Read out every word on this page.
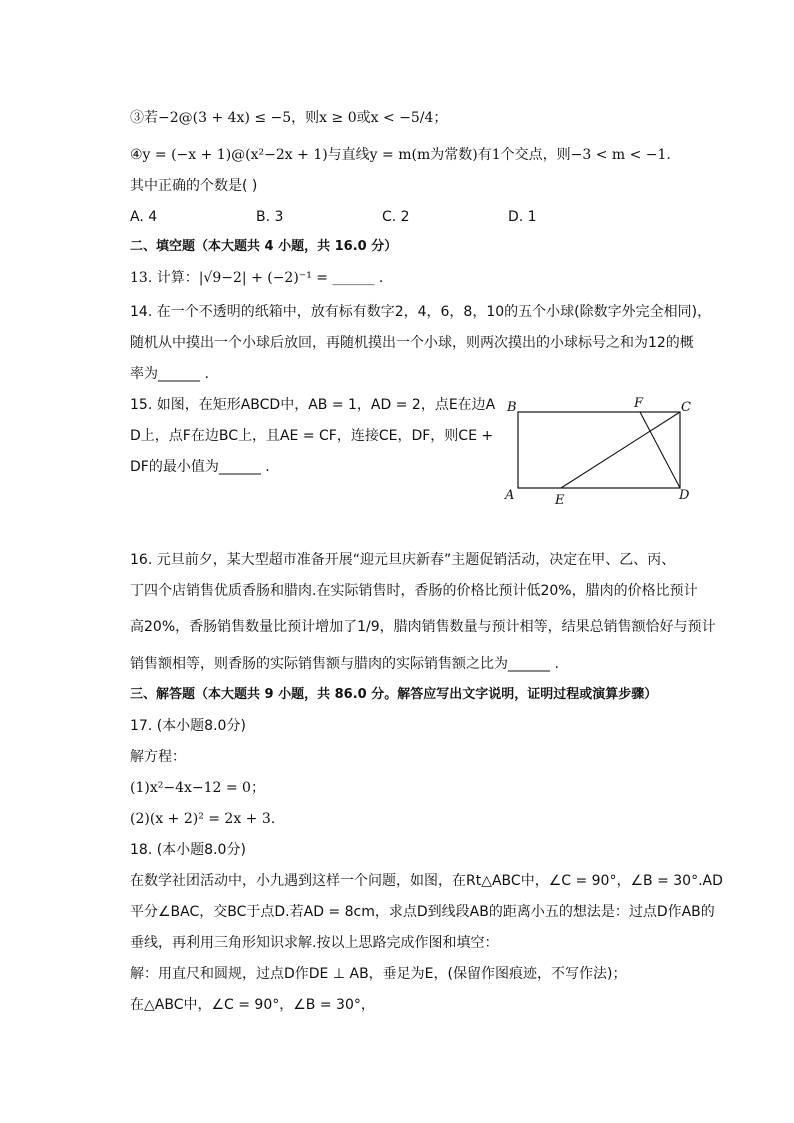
③若−2@(3 + 4x) ≤ −5，则x ≥ 0或x < −5/4；
④y = (−x + 1)@(x²−2x + 1)与直线y = m(m为常数)有1个交点，则−3 < m < −1.
其中正确的个数是( )
A. 4	B. 3	C. 2	D. 1
二、填空题（本大题共 4 小题，共 16.0 分）
13. 计算：|√9−2| + (−2)⁻¹ = ______ .
14. 在一个不透明的纸箱中，放有标有数字2，4，6，8，10的五个小球(除数字外完全相同)，
随机从中摸出一个小球后放回，再随机摸出一个小球，则两次摸出的小球标号之和为12的概
率为______ .
15. 如图，在矩形ABCD中，AB = 1，AD = 2，点E在边A
D上，点F在边BC上，且AE = CF，连接CE，DF，则CE +
DF的最小值为______ .
B	F	C
A	E	D
16. 元旦前夕，某大型超市准备开展“迎元旦庆新春”主题促销活动，决定在甲、乙、丙、
丁四个店销售优质香肠和腊肉.在实际销售时，香肠的价格比预计低20%，腊肉的价格比预计
高20%，香肠销售数量比预计增加了1/9，腊肉销售数量与预计相等，结果总销售额恰好与预计
销售额相等，则香肠的实际销售额与腊肉的实际销售额之比为______ .
三、解答题（本大题共 9 小题，共 86.0 分。解答应写出文字说明，证明过程或演算步骤）
17. (本小题8.0分)
解方程：
(1)x²−4x−12 = 0；
(2)(x + 2)² = 2x + 3.
18. (本小题8.0分)
在数学社团活动中，小九遇到这样一个问题，如图，在Rt△ABC中，∠C = 90°，∠B = 30°.AD
平分∠BAC，交BC于点D.若AD = 8cm，求点D到线段AB的距离小五的想法是：过点D作AB的
垂线，再利用三角形知识求解.按以上思路完成作图和填空：
解：用直尺和圆规，过点D作DE ⊥ AB，垂足为E，(保留作图痕迹，不写作法)；
在△ABC中，∠C = 90°，∠B = 30°，
